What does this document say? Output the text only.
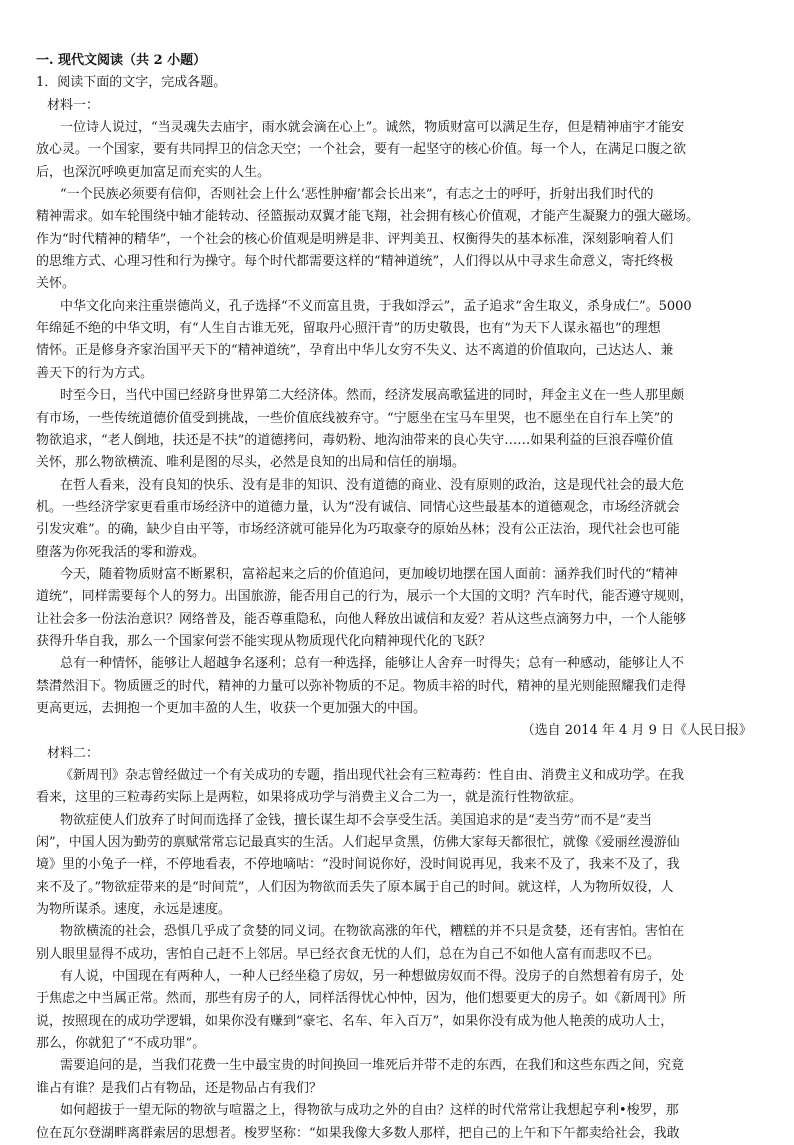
一. 现代文阅读（共 2 小题）
1．阅读下面的文字，完成各题。
材料一：
一位诗人说过，“当灵魂失去庙宇，雨水就会滴在心上”。诚然，物质财富可以满足生存，但是精神庙宇才能安
放心灵。一个国家，要有共同捍卫的信念天空；一个社会，要有一起坚守的核心价值。每一个人，在满足口腹之欲
后，也深沉呼唤更加富足而充实的人生。
“一个民族必须要有信仰，否则社会上什么‘恶性肿瘤’都会长出来”，有志之士的呼吁，折射出我们时代的
精神需求。如车轮围绕中轴才能转动、径篮振动双翼才能飞翔，社会拥有核心价值观，才能产生凝聚力的强大磁场。
作为“时代精神的精华”，一个社会的核心价值观是明辨是非、评判美丑、权衡得失的基本标准，深刻影响着人们
的思维方式、心理习性和行为操守。每个时代都需要这样的“精神道统”，人们得以从中寻求生命意义，寄托终极
关怀。
中华文化向来注重崇德尚义，孔子选择“不义而富且贵，于我如浮云”，孟子追求“舍生取义，杀身成仁”。5000
年绵延不绝的中华文明，有“人生自古谁无死，留取丹心照汗青”的历史敬畏，也有“为天下人谋永福也”的理想
情怀。正是修身齐家治国平天下的“精神道统”，孕育出中华儿女穷不失义、达不离道的价值取向，己达达人、兼
善天下的行为方式。
时至今日，当代中国已经跻身世界第二大经济体。然而，经济发展高歌猛进的同时，拜金主义在一些人那里颇
有市场，一些传统道德价值受到挑战，一些价值底线被弃守。“宁愿坐在宝马车里哭，也不愿坐在自行车上笑”的
物欲追求，“老人倒地，扶还是不扶”的道德拷问，毒奶粉、地沟油带来的良心失守……如果利益的巨浪吞噬价值
关怀，那么物欲横流、唯利是图的尽头，必然是良知的出局和信任的崩塌。
在哲人看来，没有良知的快乐、没有是非的知识、没有道德的商业、没有原则的政治，这是现代社会的最大危
机。一些经济学家更看重市场经济中的道德力量，认为“没有诚信、同情心这些最基本的道德观念，市场经济就会
引发灾难”。的确，缺少自由平等，市场经济就可能异化为巧取豪夺的原始丛林；没有公正法治，现代社会也可能
堕落为你死我活的零和游戏。
今天，随着物质财富不断累积，富裕起来之后的价值追问，更加峻切地摆在国人面前：涵养我们时代的“精神
道统”，同样需要每个人的努力。出国旅游，能否用自己的行为，展示一个大国的文明？汽车时代，能否遵守规则，
让社会多一份法治意识？网络普及，能否尊重隐私，向他人释放出诚信和友爱？若从这些点滴努力中，一个人能够
获得升华自我，那么一个国家何尝不能实现从物质现代化向精神现代化的飞跃？
总有一种情怀，能够让人超越争名逐利；总有一种选择，能够让人舍弃一时得失；总有一种感动，能够让人不
禁潸然泪下。物质匮乏的时代，精神的力量可以弥补物质的不足。物质丰裕的时代，精神的星光则能照耀我们走得
更高更远，去拥抱一个更加丰盈的人生，收获一个更加强大的中国。
（选自 2014 年 4 月 9 日《人民日报》
材料二：
《新周刊》杂志曾经做过一个有关成功的专题，指出现代社会有三粒毒药：性自由、消费主义和成功学。在我
看来，这里的三粒毒药实际上是两粒，如果将成功学与消费主义合二为一，就是流行性物欲症。
物欲症使人们放弃了时间而选择了金钱，擅长谋生却不会享受生活。美国追求的是“麦当劳”而不是“麦当
闲”，中国人因为勤劳的禀赋常常忘记最真实的生活。人们起早贪黑，仿佛大家每天都很忙，就像《爱丽丝漫游仙
境》里的小兔子一样，不停地看表，不停地嘀咕：“没时间说你好，没时间说再见，我来不及了，我来不及了，我
来不及了。”物欲症带来的是“时间荒”，人们因为物欲而丢失了原本属于自己的时间。就这样，人为物所奴役，人
为物所谋杀。速度，永远是速度。
物欲横流的社会，恐惧几乎成了贪婪的同义词。在物欲高涨的年代，糟糕的并不只是贪婪，还有害怕。害怕在
别人眼里显得不成功，害怕自己赶不上邻居。早已经衣食无忧的人们，总在为自己不如他人富有而悲叹不已。
有人说，中国现在有两种人，一种人已经坐稳了房奴，另一种想做房奴而不得。没房子的自然想着有房子，处
于焦虑之中当属正常。然而，那些有房子的人，同样活得忧心忡忡，因为，他们想要更大的房子。如《新周刊》所
说，按照现在的成功学逻辑，如果你没有赚到“豪宅、名车、年入百万”，如果你没有成为他人艳羡的成功人士，
那么，你就犯了“不成功罪”。
需要追问的是，当我们花费一生中最宝贵的时间换回一堆死后并带不走的东西，在我们和这些东西之间，究竟
谁占有谁？是我们占有物品，还是物品占有我们？
如何超拔于一望无际的物欲与喧嚣之上，得物欲与成功之外的自由？这样的时代常常让我想起亨利•梭罗，那
位在瓦尔登湖畔离群索居的思想者。梭罗坚称：“如果我像大多数人那样，把自己的上午和下午都卖给社会，我敢
